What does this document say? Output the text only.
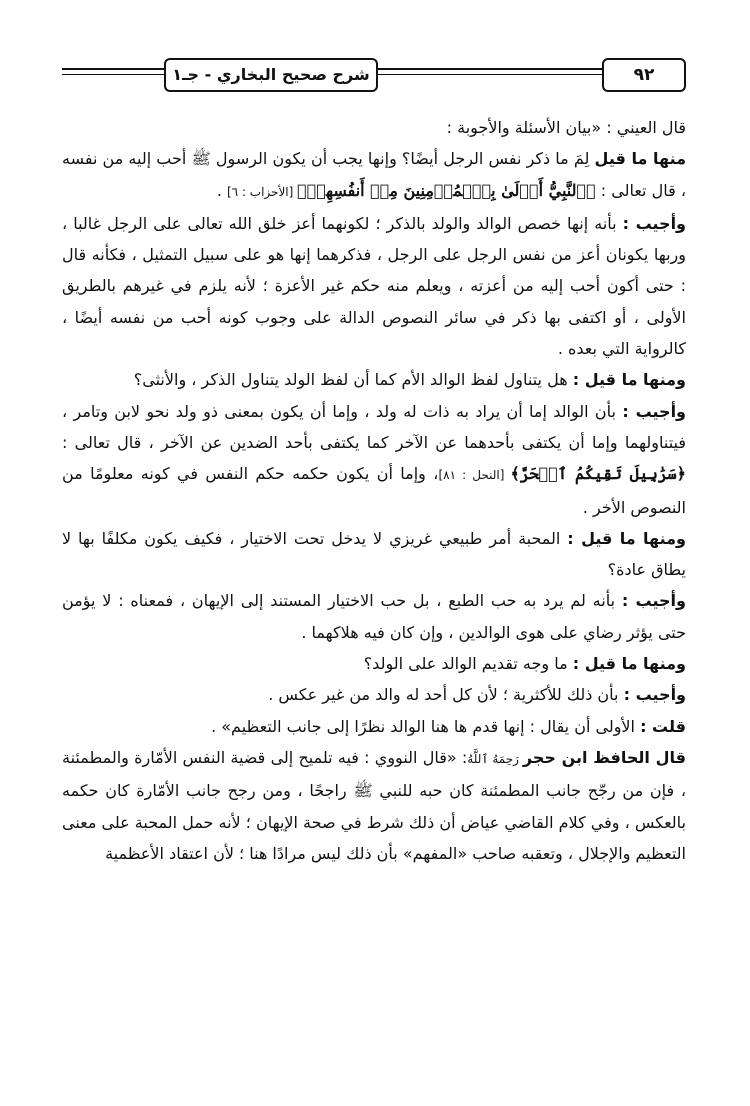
٩٢
شرح صحيح البخاري - جـ١

قال العيني : «بيان الأسئلة والأجوبة :

منها ما قيل لِمَ ما ذكر نفس الرجل أيضًا؟ وإنها يجب أن يكون الرسول ﷺ أحب إليه من نفسه ، قال تعالى : ﴿ٱلنَّبِيُّ أَوۡلَىٰ بِٱلۡمُؤۡمِنِينَ مِنۡ أَنفُسِهِمۡ﴾ [الأحزاب : ٦] .

وأجيب : بأنه إنها خصص الوالد والولد بالذكر ؛ لكونهما أعز خلق الله تعالى على الرجل غالبا ، وربها يكونان أعز من نفس الرجل على الرجل ، فذكرهما إنها هو على سبيل التمثيل ، فكأنه قال : حتى أكون أحب إليه من أعزته ، ويعلم منه حكم غير الأعزة ؛ لأنه يلزم في غيرهم بالطريق الأولى ، أو اكتفى بها ذكر في سائر النصوص الدالة على وجوب كونه أحب من نفسه أيضًا ، كالرواية التي بعده .

ومنها ما قيل : هل يتناول لفظ الوالد الأم كما أن لفظ الولد يتناول الذكر ، والأنثى؟

وأجيب : بأن الوالد إما أن يراد به ذات له ولد ، وإما أن يكون بمعنى ذو ولد نحو لابن وتامر ، فيتناولهما وإما أن يكتفى بأحدهما عن الآخر كما يكتفى بأحد الضدين عن الآخر ، قال تعالى : ﴿سَرَٰبِيلَ تَقِيكُمُ ٱلۡحَرَّ﴾ [النحل : ٨١]، وإما أن يكون حكمه حكم النفس في كونه معلومًا من النصوص الأخر .

ومنها ما قيل : المحبة أمر طبيعي غريزي لا يدخل تحت الاختيار ، فكيف يكون مكلفًا بها لا يطاق عادة؟

وأجيب : بأنه لم يرد به حب الطبع ، بل حب الاختيار المستند إلى الإيهان ، فمعناه : لا يؤمن حتى يؤثر رضاي على هوى الوالدين ، وإن كان فيه هلاكهما .

ومنها ما قيل : ما وجه تقديم الوالد على الولد؟

وأجيب : بأن ذلك للأكثرية ؛ لأن كل أحد له والد من غير عكس .

قلت : الأولى أن يقال : إنها قدم ها هنا الوالد نظرًا إلى جانب التعظيم» .

قال الحافظ ابن حجر رَحِمَهُ ٱللَّهُ: «قال النووي : فيه تلميح إلى قضية النفس الأمّارة والمطمئنة ، فإن من رجّح جانب المطمئنة كان حبه للنبي ﷺ راجحًا ، ومن رجح جانب الأمّارة كان حكمه بالعكس ، وفي كلام القاضي عياض أن ذلك شرط في صحة الإيهان ؛ لأنه حمل المحبة على معنى التعظيم والإجلال ، وتعقبه صاحب «المفهم» بأن ذلك ليس مرادًا هنا ؛ لأن اعتقاد الأعظمية
